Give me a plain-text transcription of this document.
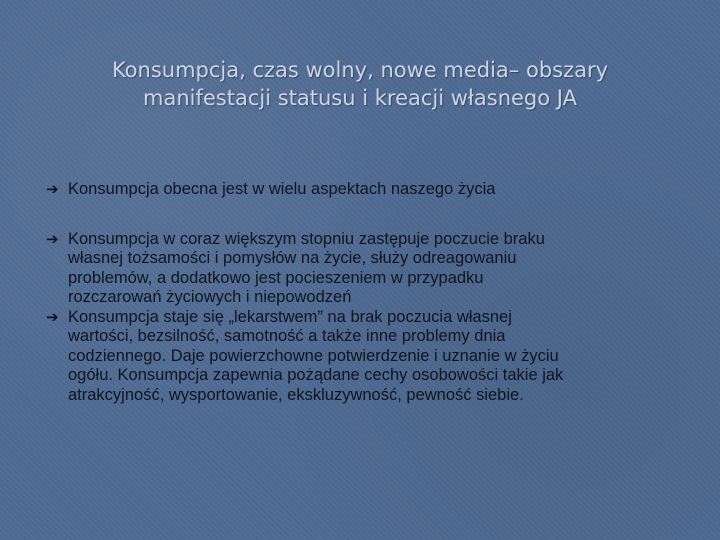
Konsumpcja, czas wolny, nowe media– obszary
manifestacji statusu i kreacji własnego JA
➔ Konsumpcja obecna jest w wielu aspektach naszego życia
➔ Konsumpcja w coraz większym stopniu zastępuje poczucie braku
własnej tożsamości i pomysłów na życie, służy odreagowaniu
problemów, a dodatkowo jest pocieszeniem w przypadku
rozczarowań życiowych i niepowodzeń
➔ Konsumpcja staje się „lekarstwem” na brak poczucia własnej
wartości, bezsilność, samotność a także inne problemy dnia
codziennego. Daje powierzchowne potwierdzenie i uznanie w życiu
ogółu. Konsumpcja zapewnia pożądane cechy osobowości takie jak
atrakcyjność, wysportowanie, ekskluzywność, pewność siebie.
